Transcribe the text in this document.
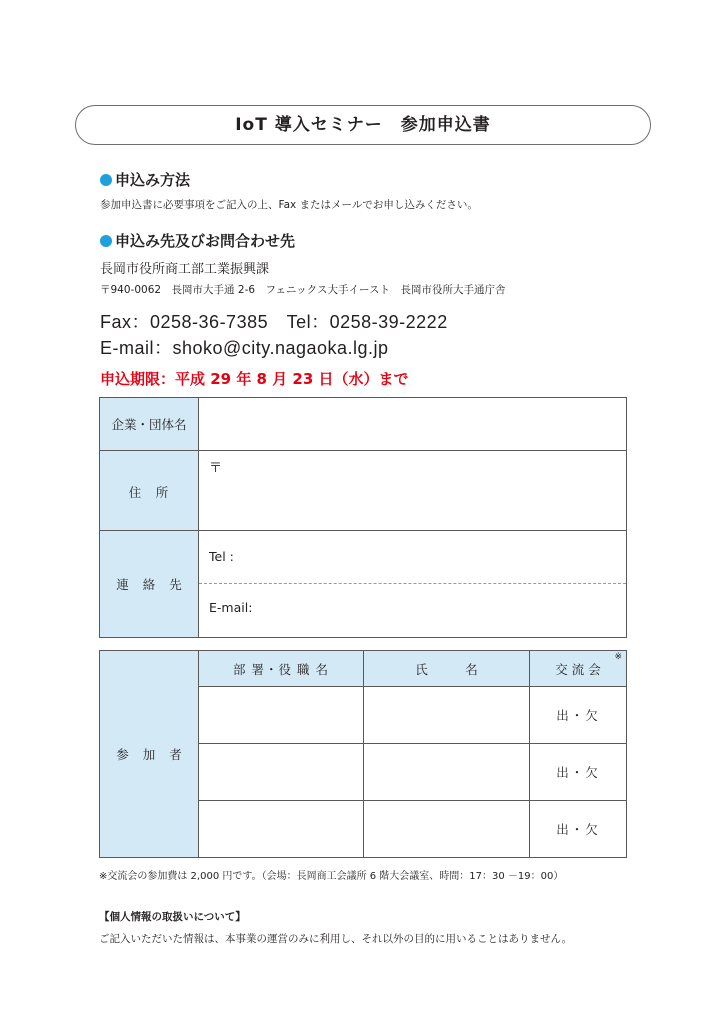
IoT 導入セミナー　参加申込書
申込み方法
参加申込書に必要事項をご記入の上、Fax またはメールでお申し込みください。
申込み先及びお問合わせ先
長岡市役所商工部工業振興課
〒940-0062　長岡市大手通 2-6　フェニックス大手イースト　長岡市役所大手通庁舎
Fax：0258-36-7385　Tel：0258-39-2222
E-mail：shoko@city.nagaoka.lg.jp
申込期限：平成 29 年 8 月 23 日（水）まで
企業・団体名	
住　所	〒

連絡先	Tel :
E-mail:
参加者	部 署・役 職 名	氏　　　名	交 流 会
※

			出・欠
			出・欠
			出・欠
※交流会の参加費は 2,000 円です。（会場：長岡商工会議所 6 階大会議室、時間：17：30 －19：00）
【個人情報の取扱いについて】
ご記入いただいた情報は、本事業の運営のみに利用し、それ以外の目的に用いることはありません。
